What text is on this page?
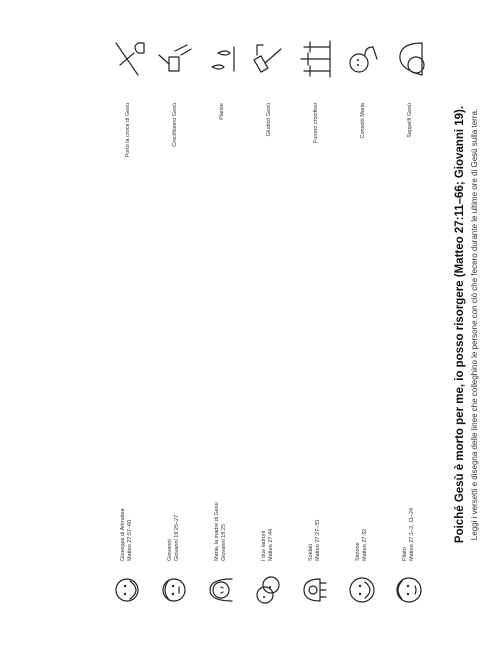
Poiché Gesù è morto per me, io posso risorgere (Matteo 27:11–66; Giovanni 19). Leggi i versetti e disegna delle linee che colleghino le persone con ciò che fecero durante le ultime ore di Gesù sulla terra.
Pilato Matteo 27:1–2, 11–24
Simone Matteo 27:32
Soldati Matteo 27:27–35
I due ladroni Matteo 27:44
Maria, la madre di Gesù Giovanni 19:25
Giovanni Giovanni 19:25–27
Giuseppe di Arimatea Matteo 27:57–60
Seppellì Gesù
Consolò Maria
Furono crocifissi
Giudicò Gesù
Pianse
Crocifissero Gesù
Portò la croce di Gesù
